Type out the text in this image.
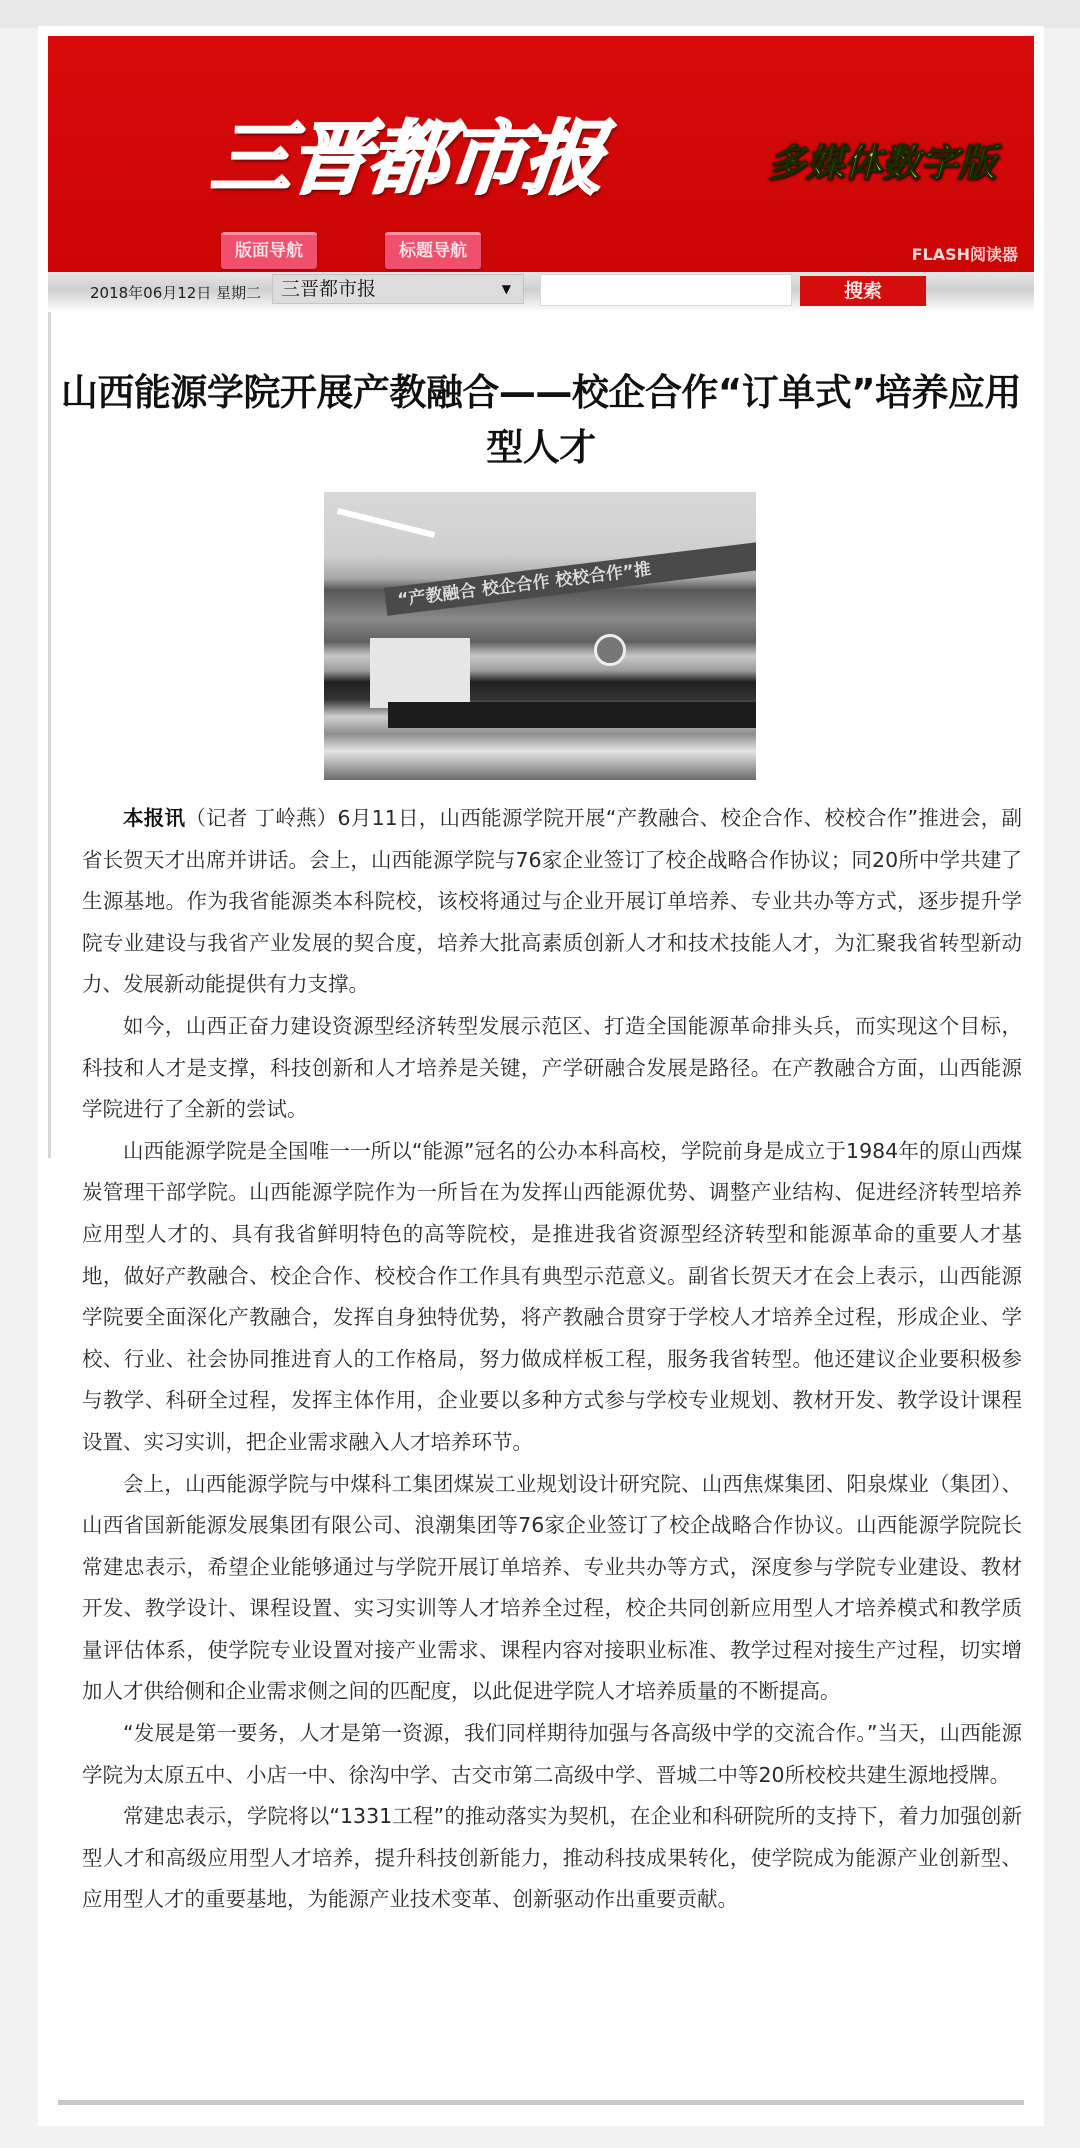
三晋都市报	多媒体数字版
版面导航	标题导航	FLASH阅读器
2018年06月12日 星期二	三晋都市报	▼	搜索
山西能源学院开展产教融合——校企合作“订单式”培养应用型人才
“产教融合 校企合作 校校合作”推

本报讯（记者 丁岭燕）6月11日，山西能源学院开展“产教融合、校企合作、校校合作”推进会，副省长贺天才出席并讲话。会上，山西能源学院与76家企业签订了校企战略合作协议；同20所中学共建了生源基地。作为我省能源类本科院校，该校将通过与企业开展订单培养、专业共办等方式，逐步提升学院专业建设与我省产业发展的契合度，培养大批高素质创新人才和技术技能人才，为汇聚我省转型新动力、发展新动能提供有力支撑。

如今，山西正奋力建设资源型经济转型发展示范区、打造全国能源革命排头兵，而实现这个目标，科技和人才是支撑，科技创新和人才培养是关键，产学研融合发展是路径。在产教融合方面，山西能源学院进行了全新的尝试。

山西能源学院是全国唯一一所以“能源”冠名的公办本科高校，学院前身是成立于1984年的原山西煤炭管理干部学院。山西能源学院作为一所旨在为发挥山西能源优势、调整产业结构、促进经济转型培养应用型人才的、具有我省鲜明特色的高等院校，是推进我省资源型经济转型和能源革命的重要人才基地，做好产教融合、校企合作、校校合作工作具有典型示范意义。副省长贺天才在会上表示，山西能源学院要全面深化产教融合，发挥自身独特优势，将产教融合贯穿于学校人才培养全过程，形成企业、学校、行业、社会协同推进育人的工作格局，努力做成样板工程，服务我省转型。他还建议企业要积极参与教学、科研全过程，发挥主体作用，企业要以多种方式参与学校专业规划、教材开发、教学设计课程设置、实习实训，把企业需求融入人才培养环节。

会上，山西能源学院与中煤科工集团煤炭工业规划设计研究院、山西焦煤集团、阳泉煤业（集团）、山西省国新能源发展集团有限公司、浪潮集团等76家企业签订了校企战略合作协议。山西能源学院院长常建忠表示，希望企业能够通过与学院开展订单培养、专业共办等方式，深度参与学院专业建设、教材开发、教学设计、课程设置、实习实训等人才培养全过程，校企共同创新应用型人才培养模式和教学质量评估体系，使学院专业设置对接产业需求、课程内容对接职业标准、教学过程对接生产过程，切实增加人才供给侧和企业需求侧之间的匹配度，以此促进学院人才培养质量的不断提高。

“发展是第一要务，人才是第一资源，我们同样期待加强与各高级中学的交流合作。”当天，山西能源学院为太原五中、小店一中、徐沟中学、古交市第二高级中学、晋城二中等20所校校共建生源地授牌。

常建忠表示，学院将以“1331工程”的推动落实为契机，在企业和科研院所的支持下，着力加强创新型人才和高级应用型人才培养，提升科技创新能力，推动科技成果转化，使学院成为能源产业创新型、应用型人才的重要基地，为能源产业技术变革、创新驱动作出重要贡献。
